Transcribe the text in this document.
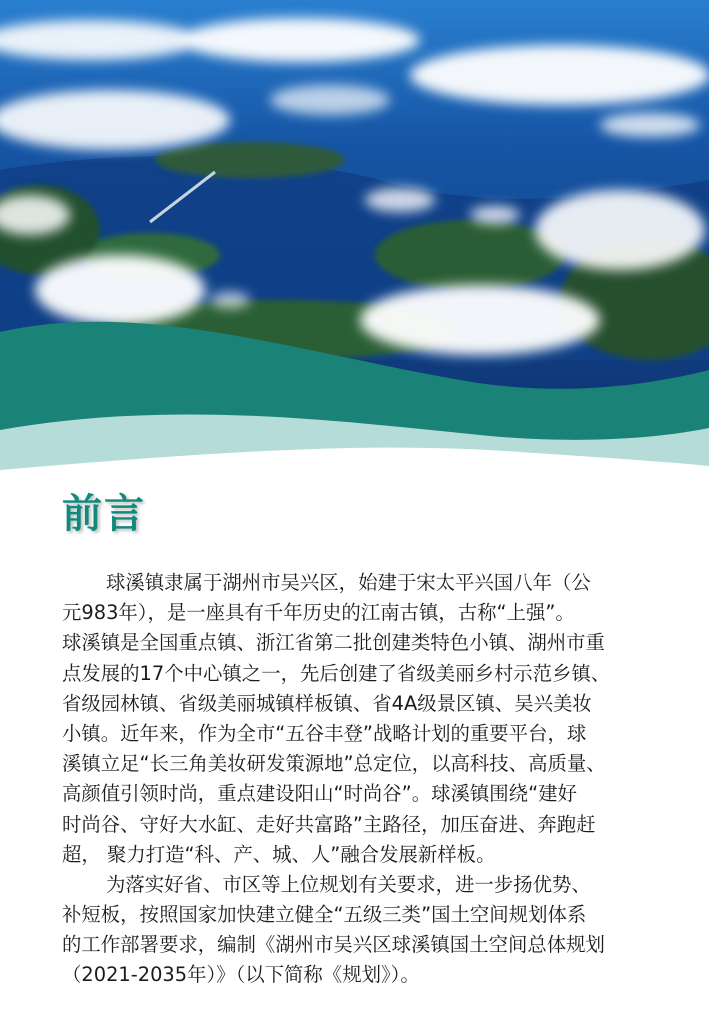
前言
球溪镇隶属于湖州市吴兴区，始建于宋太平兴国八年（公
元983年），是一座具有千年历史的江南古镇，古称“上强”。
球溪镇是全国重点镇、浙江省第二批创建类特色小镇、湖州市重
点发展的17个中心镇之一，先后创建了省级美丽乡村示范乡镇、
省级园林镇、省级美丽城镇样板镇、省4A级景区镇、吴兴美妆
小镇。近年来，作为全市“五谷丰登”战略计划的重要平台，球
溪镇立足“长三角美妆研发策源地”总定位，以高科技、高质量、
高颜值引领时尚，重点建设阳山“时尚谷”。球溪镇围绕“建好
时尚谷、守好大水缸、走好共富路”主路径，加压奋进、奔跑赶
超， 聚力打造“科、产、城、人”融合发展新样板。
为落实好省、市区等上位规划有关要求，进一步扬优势、
补短板，按照国家加快建立健全“五级三类”国土空间规划体系
的工作部署要求，编制《湖州市吴兴区球溪镇国土空间总体规划
（2021-2035年）》（以下简称《规划》）。
